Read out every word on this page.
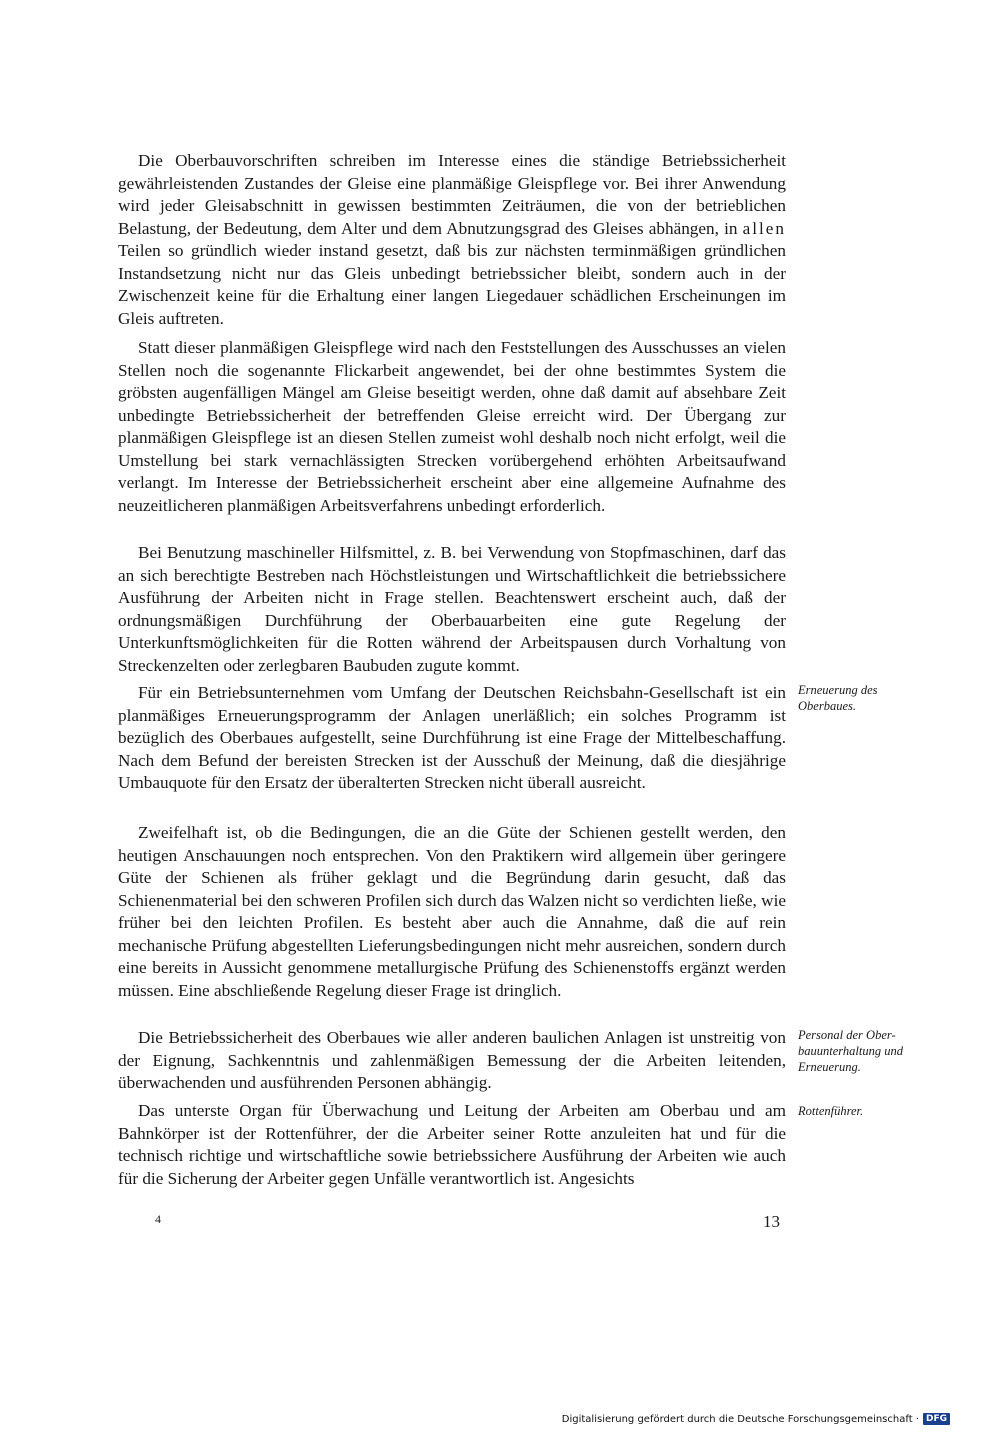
Die Oberbauvorschriften schreiben im Interesse eines die ständige Betriebssicherheit gewährleistenden Zustandes der Gleise eine planmäßige Gleispflege vor. Bei ihrer Anwendung wird jeder Gleisabschnitt in gewissen bestimmten Zeiträumen, die von der betrieblichen Belastung, der Bedeutung, dem Alter und dem Abnutzungsgrad des Gleises abhängen, in allen Teilen so gründlich wieder instand gesetzt, daß bis zur nächsten terminmäßigen gründlichen Instandsetzung nicht nur das Gleis unbedingt betriebssicher bleibt, sondern auch in der Zwischenzeit keine für die Erhaltung einer langen Liegedauer schädlichen Erscheinungen im Gleis auftreten.

Statt dieser planmäßigen Gleispflege wird nach den Feststellungen des Ausschusses an vielen Stellen noch die sogenannte Flickarbeit angewendet, bei der ohne bestimmtes System die gröbsten augenfälligen Mängel am Gleise beseitigt werden, ohne daß damit auf absehbare Zeit unbedingte Betriebssicherheit der betreffenden Gleise erreicht wird. Der Übergang zur planmäßigen Gleispflege ist an diesen Stellen zumeist wohl deshalb noch nicht erfolgt, weil die Umstellung bei stark vernachlässigten Strecken vorübergehend erhöhten Arbeitsaufwand verlangt. Im Interesse der Betriebssicherheit erscheint aber eine allgemeine Aufnahme des neuzeitlicheren planmäßigen Arbeitsverfahrens unbedingt erforderlich.

Bei Benutzung maschineller Hilfsmittel, z. B. bei Verwendung von Stopfmaschinen, darf das an sich berechtigte Bestreben nach Höchstleistungen und Wirtschaftlichkeit die betriebssichere Ausführung der Arbeiten nicht in Frage stellen. Beachtenswert erscheint auch, daß der ordnungsmäßigen Durchführung der Oberbauarbeiten eine gute Regelung der Unterkunftsmöglichkeiten für die Rotten während der Arbeitspausen durch Vorhaltung von Streckenzelten oder zerlegbaren Baubuden zugute kommt.

Für ein Betriebsunternehmen vom Umfang der Deutschen Reichsbahn-Gesellschaft ist ein planmäßiges Erneuerungsprogramm der Anlagen unerläßlich; ein solches Programm ist bezüglich des Oberbaues aufgestellt, seine Durchführung ist eine Frage der Mittelbeschaffung. Nach dem Befund der bereisten Strecken ist der Ausschuß der Meinung, daß die diesjährige Umbauquote für den Ersatz der überalterten Strecken nicht überall ausreicht.

Zweifelhaft ist, ob die Bedingungen, die an die Güte der Schienen gestellt werden, den heutigen Anschauungen noch entsprechen. Von den Praktikern wird allgemein über geringere Güte der Schienen als früher geklagt und die Begründung darin gesucht, daß das Schienenmaterial bei den schweren Profilen sich durch das Walzen nicht so verdichten ließe, wie früher bei den leichten Profilen. Es besteht aber auch die Annahme, daß die auf rein mechanische Prüfung abgestellten Lieferungsbedingungen nicht mehr ausreichen, sondern durch eine bereits in Aussicht genommene metallurgische Prüfung des Schienenstoffs ergänzt werden müssen. Eine abschließende Regelung dieser Frage ist dringlich.

Die Betriebssicherheit des Oberbaues wie aller anderen baulichen Anlagen ist unstreitig von der Eignung, Sachkenntnis und zahlenmäßigen Bemessung der die Arbeiten leitenden, überwachenden und ausführenden Personen abhängig.

Das unterste Organ für Überwachung und Leitung der Arbeiten am Oberbau und am Bahnkörper ist der Rottenführer, der die Arbeiter seiner Rotte anzuleiten hat und für die technisch richtige und wirtschaftliche sowie betriebssichere Ausführung der Arbeiten wie auch für die Sicherung der Arbeiter gegen Unfälle verantwortlich ist. Angesichts

Erneuerung des
Oberbaues.
Personal der Ober-
bauunterhaltung und
Erneuerung.
Rottenführer.
4	13
Digitalisierung gefördert durch die Deutsche Forschungsgemeinschaft · DFG
